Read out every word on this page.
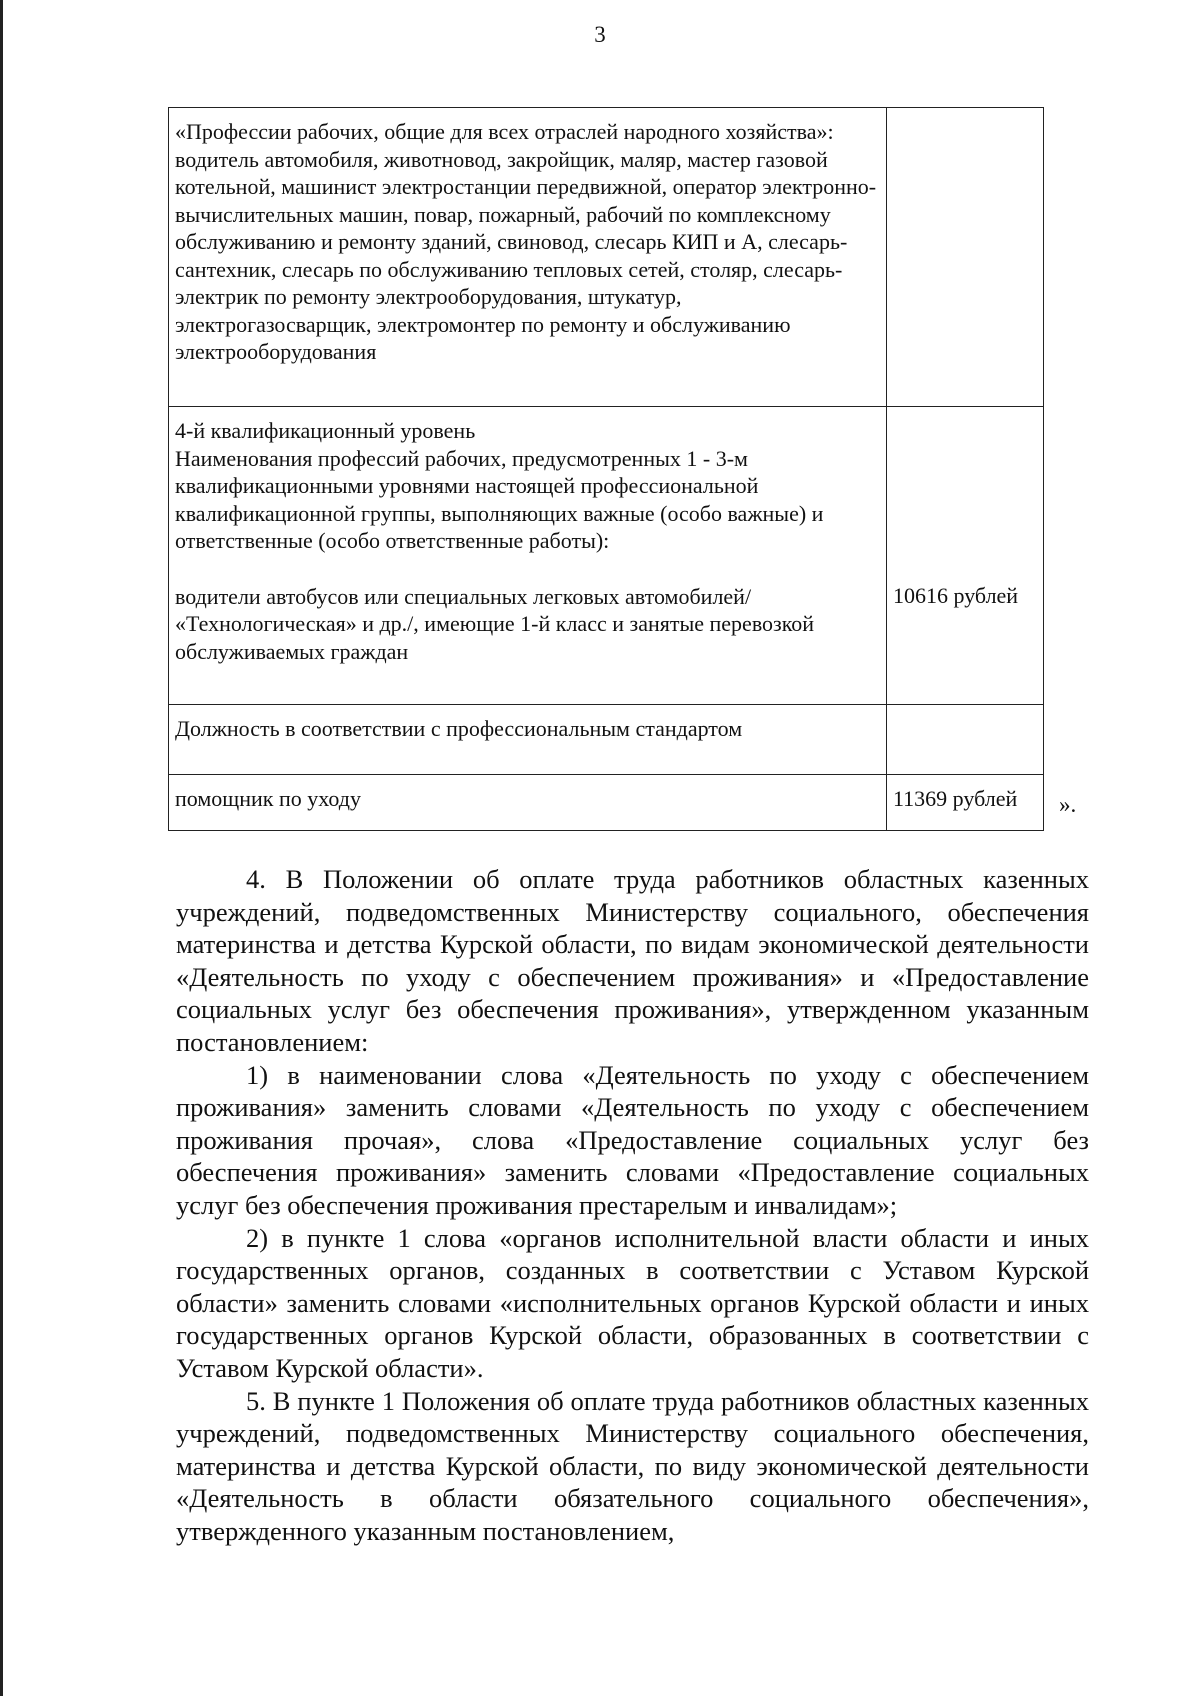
3
«Профессии рабочих, общие для всех отраслей народного хозяйства»:
водитель автомобиля, животновод, закройщик, маляр, мастер газовой котельной, машинист электростанции передвижной, оператор электронно-вычислительных машин, повар, пожарный, рабочий по комплексному обслуживанию и ремонту зданий, свиновод, слесарь КИП и А, слесарь-сантехник, слесарь по обслуживанию тепловых сетей, столяр, слесарь-электрик по ремонту электрооборудования, штукатур, электрогазосварщик, электромонтер по ремонту и обслуживанию электрооборудования	

4-й квалификационный уровень
Наименования профессий рабочих, предусмотренных 1 - 3-м квалификационными уровнями настоящей профессиональной квалификационной группы, выполняющих важные (особо важные) и ответственные (особо ответственные работы):
водители автобусов или специальных легковых автомобилей/ «Технологическая» и др./, имеющие 1-й класс и занятые перевозкой обслуживаемых граждан	10616 рублей
Должность в соответствии с профессиональным стандартом	
помощник по уходу	11369 рублей ».

4. В Положении об оплате труда работников областных казенных учреждений, подведомственных Министерству социального, обеспечения материнства и детства Курской области, по видам экономической деятельности «Деятельность по уходу с обеспечением проживания» и «Предоставление социальных услуг без обеспечения проживания», утвержденном указанным постановлением:

1) в наименовании слова «Деятельность по уходу с обеспечением проживания» заменить словами «Деятельность по уходу с обеспечением проживания прочая», слова «Предоставление социальных услуг без обеспечения проживания» заменить словами «Предоставление социальных услуг без обеспечения проживания престарелым и инвалидам»;

2) в пункте 1 слова «органов исполнительной власти области и иных государственных органов, созданных в соответствии с Уставом Курской области» заменить словами «исполнительных органов Курской области и иных государственных органов Курской области, образованных в соответствии с Уставом Курской области».

5. В пункте 1 Положения об оплате труда работников областных казенных учреждений, подведомственных Министерству социального обеспечения, материнства и детства Курской области, по виду экономической деятельности «Деятельность в области обязательного социального обеспечения», утвержденного указанным постановлением,
